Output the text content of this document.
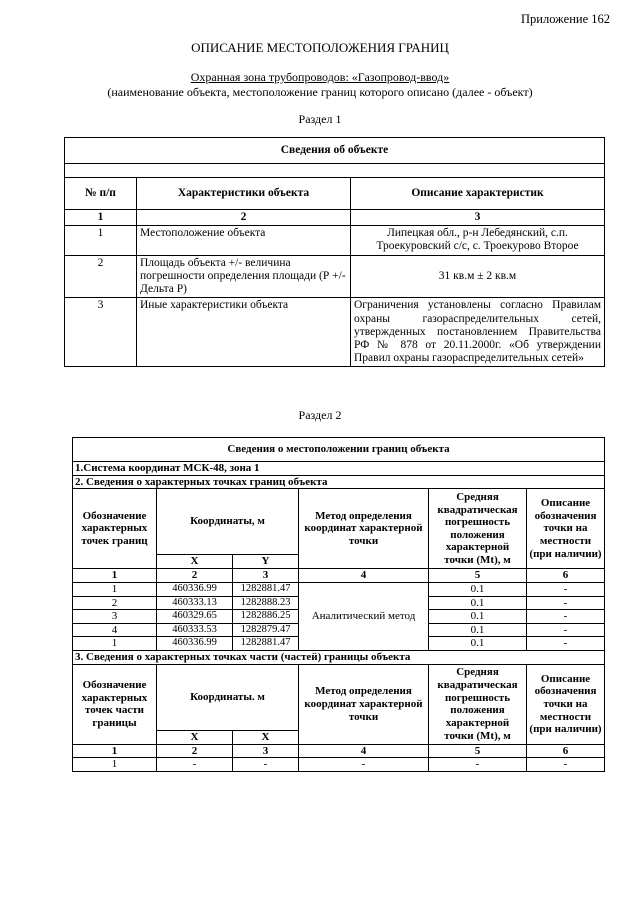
Приложение 162
ОПИСАНИЕ МЕСТОПОЛОЖЕНИЯ ГРАНИЦ
Охранная зона трубопроводов: «Газопровод-ввод»
(наименование объекта, местоположение границ которого описано (далее - объект)
Раздел 1
Сведения об объекте		

№ п/п	Характеристики объекта	Описание характеристик
1	2	3
1	Местоположение объекта	Липецкая обл., р-н Лебедянский, с.п. Троекуровский с/с, с. Троекурово Второе
2	Площадь объекта +/- величина погрешности определения площади (Р +/- Дельта Р)	31 кв.м ± 2 кв.м
3	Иные характеристики объекта	Ограничения установлены согласно Правилам охраны газораспределительных сетей, утвержденных постановлением Правительства РФ № 878 от 20.11.2000г. «Об утверждении Правил охраны газораспределительных сетей»
Раздел 2
Сведения о местоположении границ объекта					
1.Система координат МСК-48, зона 1					
2. Сведения о характерных точках границ объекта					
Обозначение характерных точек границ	Координаты, м		Метод определения координат характерной точки	Средняя квадратическая погрешность положения характерной точки (Mt), м	Описание обозначения точки на местности (при наличии)
	X	Y			
1	2	3	4	5	6
1	460336.99	1282881.47	Аналитический метод	0.1	-
2	460333.13	1282888.23		0.1	-
3	460329.65	1282886.25		0.1	-
4	460333.53	1282879.47		0.1	-
1	460336.99	1282881.47		0.1	-
3. Сведения о характерных точках части (частей) границы объекта					
Обозначение характерных точек части границы	Координаты. м		Метод определения координат характерной точки	Средняя квадратическая погрешность положения характерной точки (Mt), м	Описание обозначения точки на местности (при наличии)
	X	X			
1	2	3	4	5	6
1	-	-	-	-	-
